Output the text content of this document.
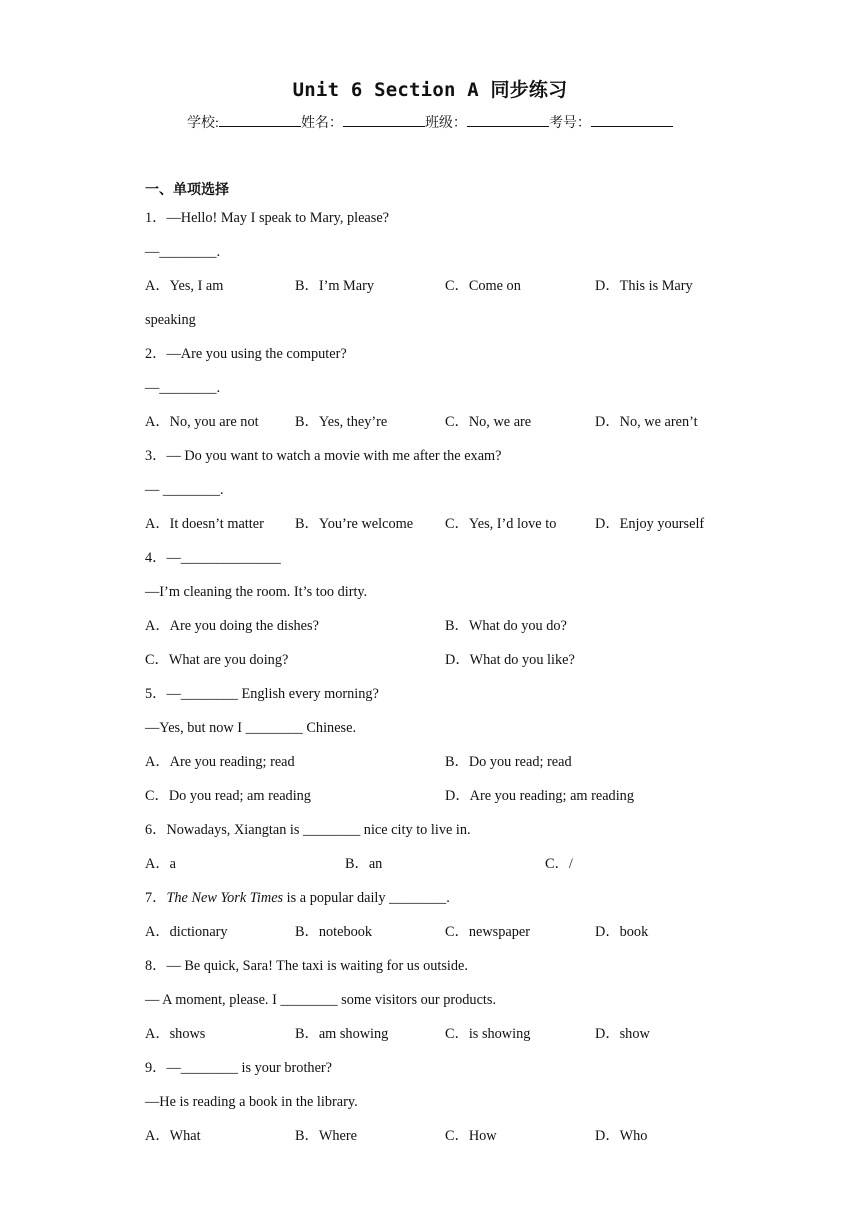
Unit 6 Section A 同步练习
学校:	姓名：	班级：	考号：
一、单项选择
1．—Hello! May I speak to Mary, please?
—________.
A．Yes, I am	B．I’m Mary	C．Come on	D．This is Mary
speaking
2．—Are you using the computer?
—________.
A．No, you are not	B．Yes, they’re	C．No, we are	D．No, we aren’t
3．— Do you want to watch a movie with me after the exam?
— ________.
A．It doesn’t matter B．You’re welcome C．Yes, I’d love to	D．Enjoy yourself
4．—______________
—I’m cleaning the room. It’s too dirty.
A．Are you doing the dishes?	B．What do you do?
C．What are you doing?	D．What do you like?
5．—________ English every morning?
—Yes, but now I ________ Chinese.
A．Are you reading; read	B．Do you read; read
C．Do you read; am reading	D．Are you reading; am reading
6．Nowadays, Xiangtan is ________ nice city to live in.
A．a	B．an	C．/
7．The New York Times is a popular daily ________.
A．dictionary	B．notebook	C．newspaper	D．book
8．— Be quick, Sara! The taxi is waiting for us outside.
— A moment, please. I ________ some visitors our products.
A．shows	B．am showing	C．is showing	D．show
9．—________ is your brother?
—He is reading a book in the library.
A．What	B．Where	C．How	D．Who
